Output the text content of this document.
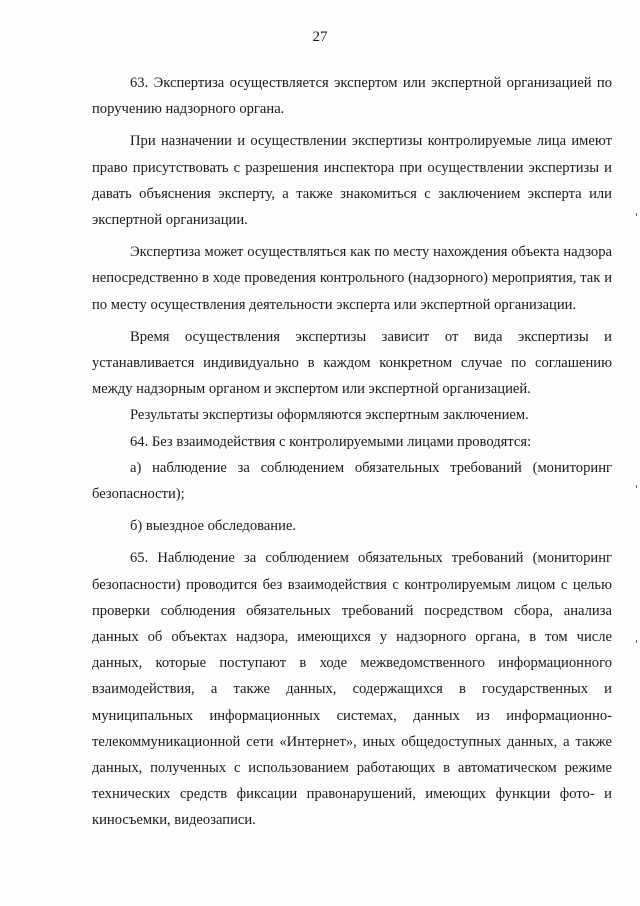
27

63. Экспертиза осуществляется экспертом или экспертной организацией по поручению надзорного органа.

При назначении и осуществлении экспертизы контролируемые лица имеют право присутствовать с разрешения инспектора при осуществлении экспертизы и давать объяснения эксперту, а также знакомиться с заключением эксперта или экспертной организации.

Экспертиза может осуществляться как по месту нахождения объекта надзора непосредственно в ходе проведения контрольного (надзорного) мероприятия, так и по месту осуществления деятельности эксперта или экспертной организации.

Время осуществления экспертизы зависит от вида экспертизы и устанавливается индивидуально в каждом конкретном случае по соглашению между надзорным органом и экспертом или экспертной организацией.

Результаты экспертизы оформляются экспертным заключением.

64. Без взаимодействия с контролируемыми лицами проводятся:

а) наблюдение за соблюдением обязательных требований (мониторинг безопасности);

б) выездное обследование.

65. Наблюдение за соблюдением обязательных требований (мониторинг безопасности) проводится без взаимодействия с контролируемым лицом с целью проверки соблюдения обязательных требований посредством сбора, анализа данных об объектах надзора, имеющихся у надзорного органа, в том числе данных, которые поступают в ходе межведомственного информационного взаимодействия, а также данных, содержащихся в государственных и муниципальных информационных системах, данных из информационно-телекоммуникационной сети «Интернет», иных общедоступных данных, а также данных, полученных с использованием работающих в автоматическом режиме технических средств фиксации правонарушений, имеющих функции фото- и киносъемки, видеозаписи.
